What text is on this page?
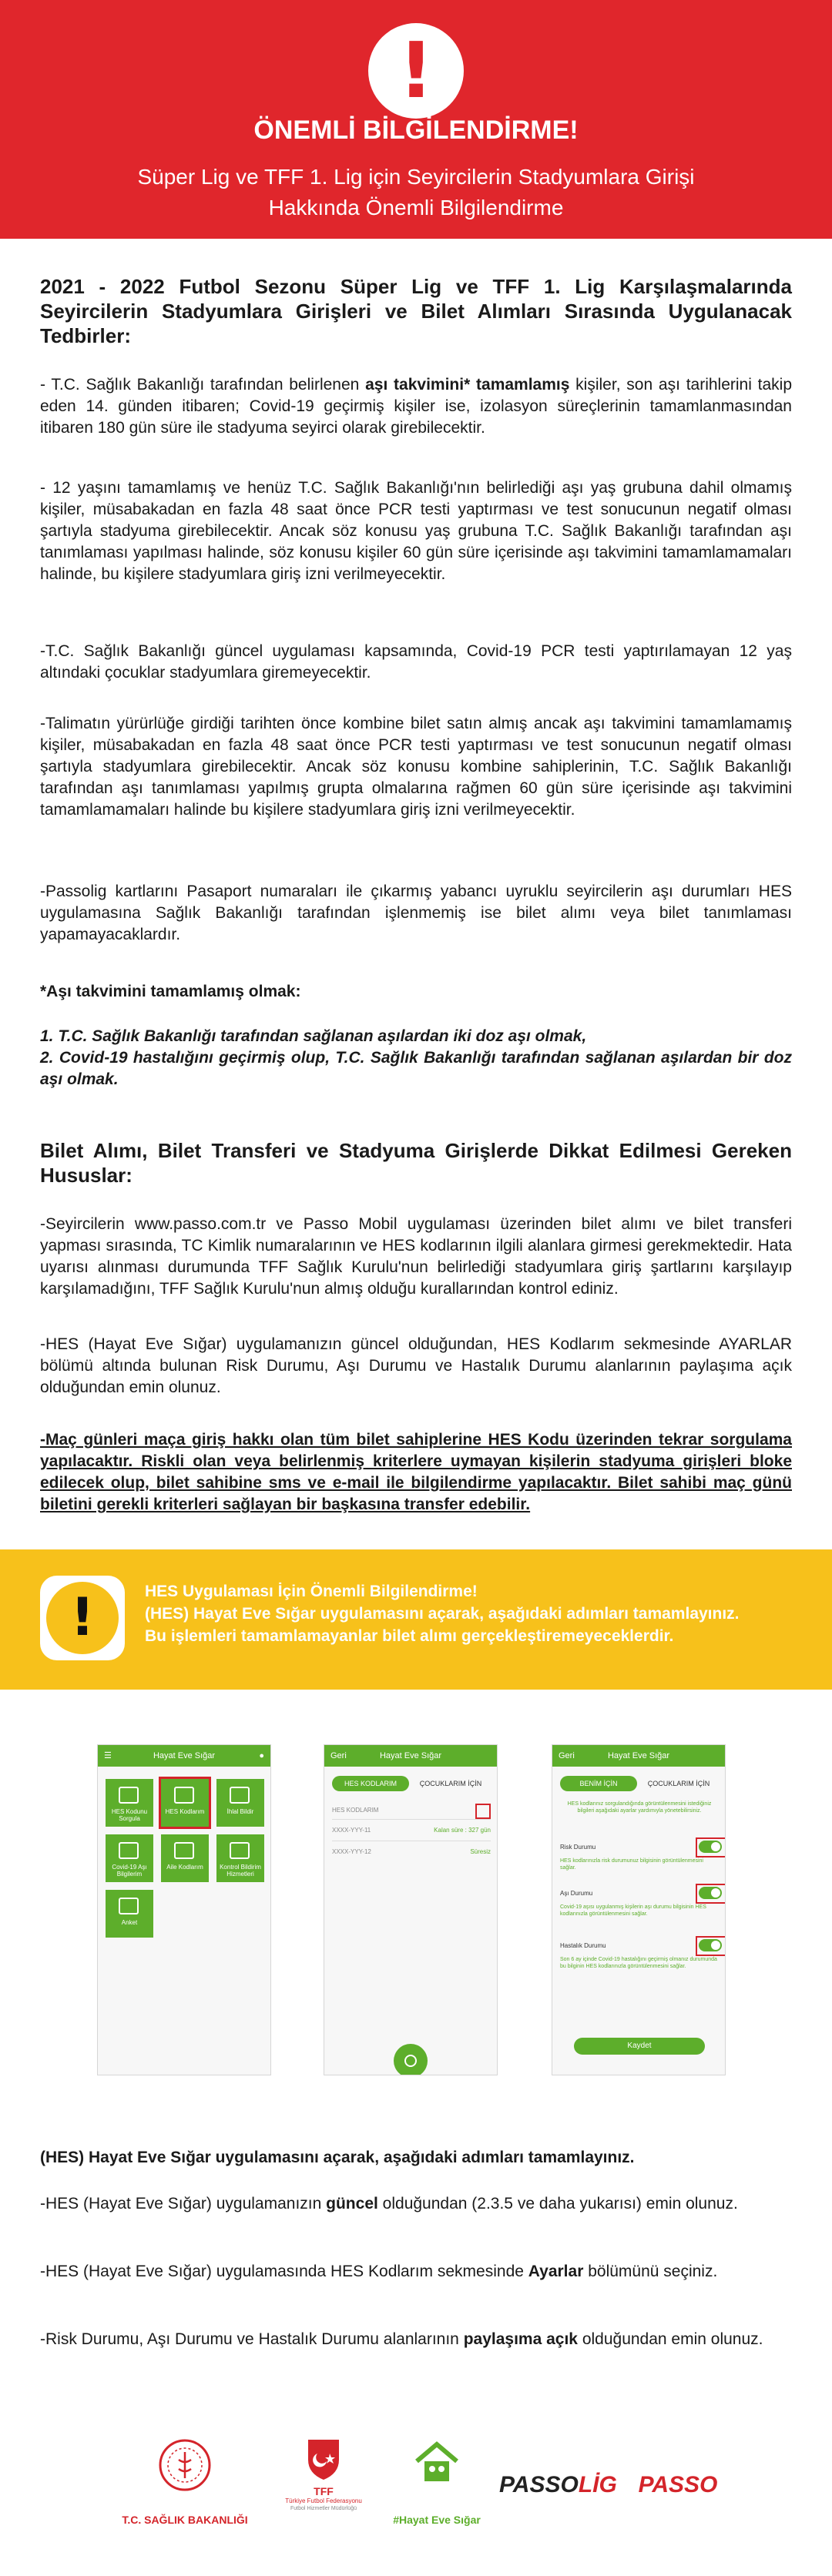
!
ÖNEMLİ BİLGİLENDİRME!
Süper Lig ve TFF 1. Lig için Seyircilerin Stadyumlara Girişi Hakkında Önemli Bilgilendirme
2021 - 2022 Futbol Sezonu Süper Lig ve TFF 1. Lig Karşılaşmalarında Seyircilerin Stadyumlara Girişleri ve Bilet Alımları Sırasında Uygulanacak Tedbirler:

- T.C. Sağlık Bakanlığı tarafından belirlenen aşı takvimini* tamamlamış kişiler, son aşı tarihlerini takip eden 14. günden itibaren; Covid-19 geçirmiş kişiler ise, izolasyon süreçlerinin tamamlanmasından itibaren 180 gün süre ile stadyuma seyirci olarak girebilecektir.

- 12 yaşını tamamlamış ve henüz T.C. Sağlık Bakanlığı'nın belirlediği aşı yaş grubuna dahil olmamış kişiler, müsabakadan en fazla 48 saat önce PCR testi yaptırması ve test sonucunun negatif olması şartıyla stadyuma girebilecektir. Ancak söz konusu yaş grubuna T.C. Sağlık Bakanlığı tarafından aşı tanımlaması yapılması halinde, söz konusu kişiler 60 gün süre içerisinde aşı takvimini tamamlamamaları halinde, bu kişilere stadyumlara giriş izni verilmeyecektir.

-T.C. Sağlık Bakanlığı güncel uygulaması kapsamında, Covid-19 PCR testi yaptırılamayan 12 yaş altındaki çocuklar stadyumlara giremeyecektir.

-Talimatın yürürlüğe girdiği tarihten önce kombine bilet satın almış ancak aşı takvimini tamamlamamış kişiler, müsabakadan en fazla 48 saat önce PCR testi yaptırması ve test sonucunun negatif olması şartıyla stadyumlara girebilecektir. Ancak söz konusu kombine sahiplerinin, T.C. Sağlık Bakanlığı tarafından aşı tanımlaması yapılmış grupta olmalarına rağmen 60 gün süre içerisinde aşı takvimini tamamlamamaları halinde bu kişilere stadyumlara giriş izni verilmeyecektir.

-Passolig kartlarını Pasaport numaraları ile çıkarmış yabancı uyruklu seyircilerin aşı durumları HES uygulamasına Sağlık Bakanlığı tarafından işlenmemiş ise bilet alımı veya bilet tanımlaması yapamayacaklardır.

*Aşı takvimini tamamlamış olmak:

1. T.C. Sağlık Bakanlığı tarafından sağlanan aşılardan iki doz aşı olmak,

2. Covid-19 hastalığını geçirmiş olup, T.C. Sağlık Bakanlığı tarafından sağlanan aşılardan bir doz aşı olmak.

Bilet Alımı, Bilet Transferi ve Stadyuma Girişlerde Dikkat Edilmesi Gereken Hususlar:

-Seyircilerin www.passo.com.tr ve Passo Mobil uygulaması üzerinden bilet alımı ve bilet transferi yapması sırasında, TC Kimlik numaralarının ve HES kodlarının ilgili alanlara girmesi gerekmektedir. Hata uyarısı alınması durumunda TFF Sağlık Kurulu'nun belirlediği stadyumlara giriş şartlarını karşılayıp karşılamadığını, TFF Sağlık Kurulu'nun almış olduğu kurallarından kontrol ediniz.

-HES (Hayat Eve Sığar) uygulamanızın güncel olduğundan, HES Kodlarım sekmesinde AYARLAR bölümü altında bulunan Risk Durumu, Aşı Durumu ve Hastalık Durumu alanlarının paylaşıma açık olduğundan emin olunuz.

-Maç günleri maça giriş hakkı olan tüm bilet sahiplerine HES Kodu üzerinden tekrar sorgulama yapılacaktır. Riskli olan veya belirlenmiş kriterlere uymayan kişilerin stadyuma girişleri bloke edilecek olup, bilet sahibine sms ve e-mail ile bilgilendirme yapılacaktır. Bilet sahibi maç günü biletini gerekli kriterleri sağlayan bir başkasına transfer edebilir.

!	HES Uygulaması İçin Önemli Bilgilendirme!
(HES) Hayat Eve Sığar uygulamasını açarak, aşağıdaki adımları tamamlayınız.
Bu işlemleri tamamlamayanlar bilet alımı gerçekleştiremeyeceklerdir.
☰	Hayat Eve Sığar	●
HES Kodunu Sorgula
HES Kodlarım	İhlal Bildir
Covid-19 Aşı Bilgilerim
Aile Kodlarım	Kontrol Bildirim Hizmetleri
Anket
Geri	Hayat Eve Sığar
HES KODLARIM	ÇOCUKLARIM İÇİN
HES KODLARIM
XXXX-YYY-11	Kalan süre : 327 gün
XXXX-YYY-12	Süresiz
Geri	Hayat Eve Sığar
BENİM İÇİN	ÇOCUKLARIM İÇİN
HES kodlarınız sorgulandığında görüntülenmesini istediğiniz bilgileri aşağıdaki ayarlar yardımıyla yönetebilirsiniz.
Risk Durumu
HES kodlarınızla risk durumunuz bilgisinin görüntülenmesini sağlar.
Aşı Durumu
Covid-19 aşısı uygulanmış kişilerin aşı durumu bilgisinin HES kodlarınızla görüntülenmesini sağlar.
Hastalık Durumu
Son 6 ay içinde Covid-19 hastalığını geçirmiş olmanız durumunda bu bilginin HES kodlarınızla görüntülenmesini sağlar.
Kaydet

(HES) Hayat Eve Sığar uygulamasını açarak, aşağıdaki adımları tamamlayınız.

-HES (Hayat Eve Sığar) uygulamanızın güncel olduğundan (2.3.5 ve daha yukarısı) emin olunuz.

-HES (Hayat Eve Sığar) uygulamasında HES Kodlarım sekmesinde Ayarlar bölümünü seçiniz.

-Risk Durumu, Aşı Durumu ve Hastalık Durumu alanlarının paylaşıma açık olduğundan emin olunuz.

T.C. SAĞLIK BAKANLIĞI
TFF
Türkiye Futbol Federasyonu
Futbol Hizmetler Müdürlüğü
#Hayat Eve Sığar
PASSOLİG PASSO
